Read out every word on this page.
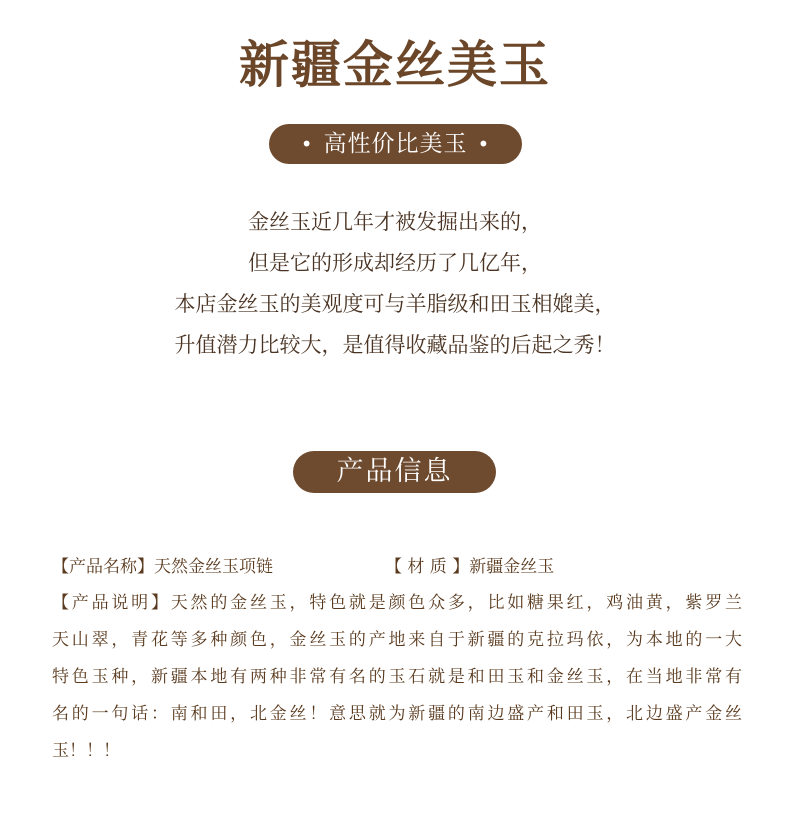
新疆金丝美玉
• 高性价比美玉 •

金丝玉近几年才被发掘出来的，

但是它的形成却经历了几亿年，

本店金丝玉的美观度可与羊脂级和田玉相媲美，

升值潜力比较大，是值得收藏品鉴的后起之秀！

产品信息
【产品名称】天然金丝玉项链	【 材 质 】新疆金丝玉
【产品说明】天然的金丝玉，特色就是颜色众多，比如糖果红，鸡油黄，紫罗兰
天山翠，青花等多种颜色，金丝玉的产地来自于新疆的克拉玛依，为本地的一大
特色玉种，新疆本地有两种非常有名的玉石就是和田玉和金丝玉，在当地非常有
名的一句话：南和田，北金丝！意思就为新疆的南边盛产和田玉，北边盛产金丝
玉！！！
